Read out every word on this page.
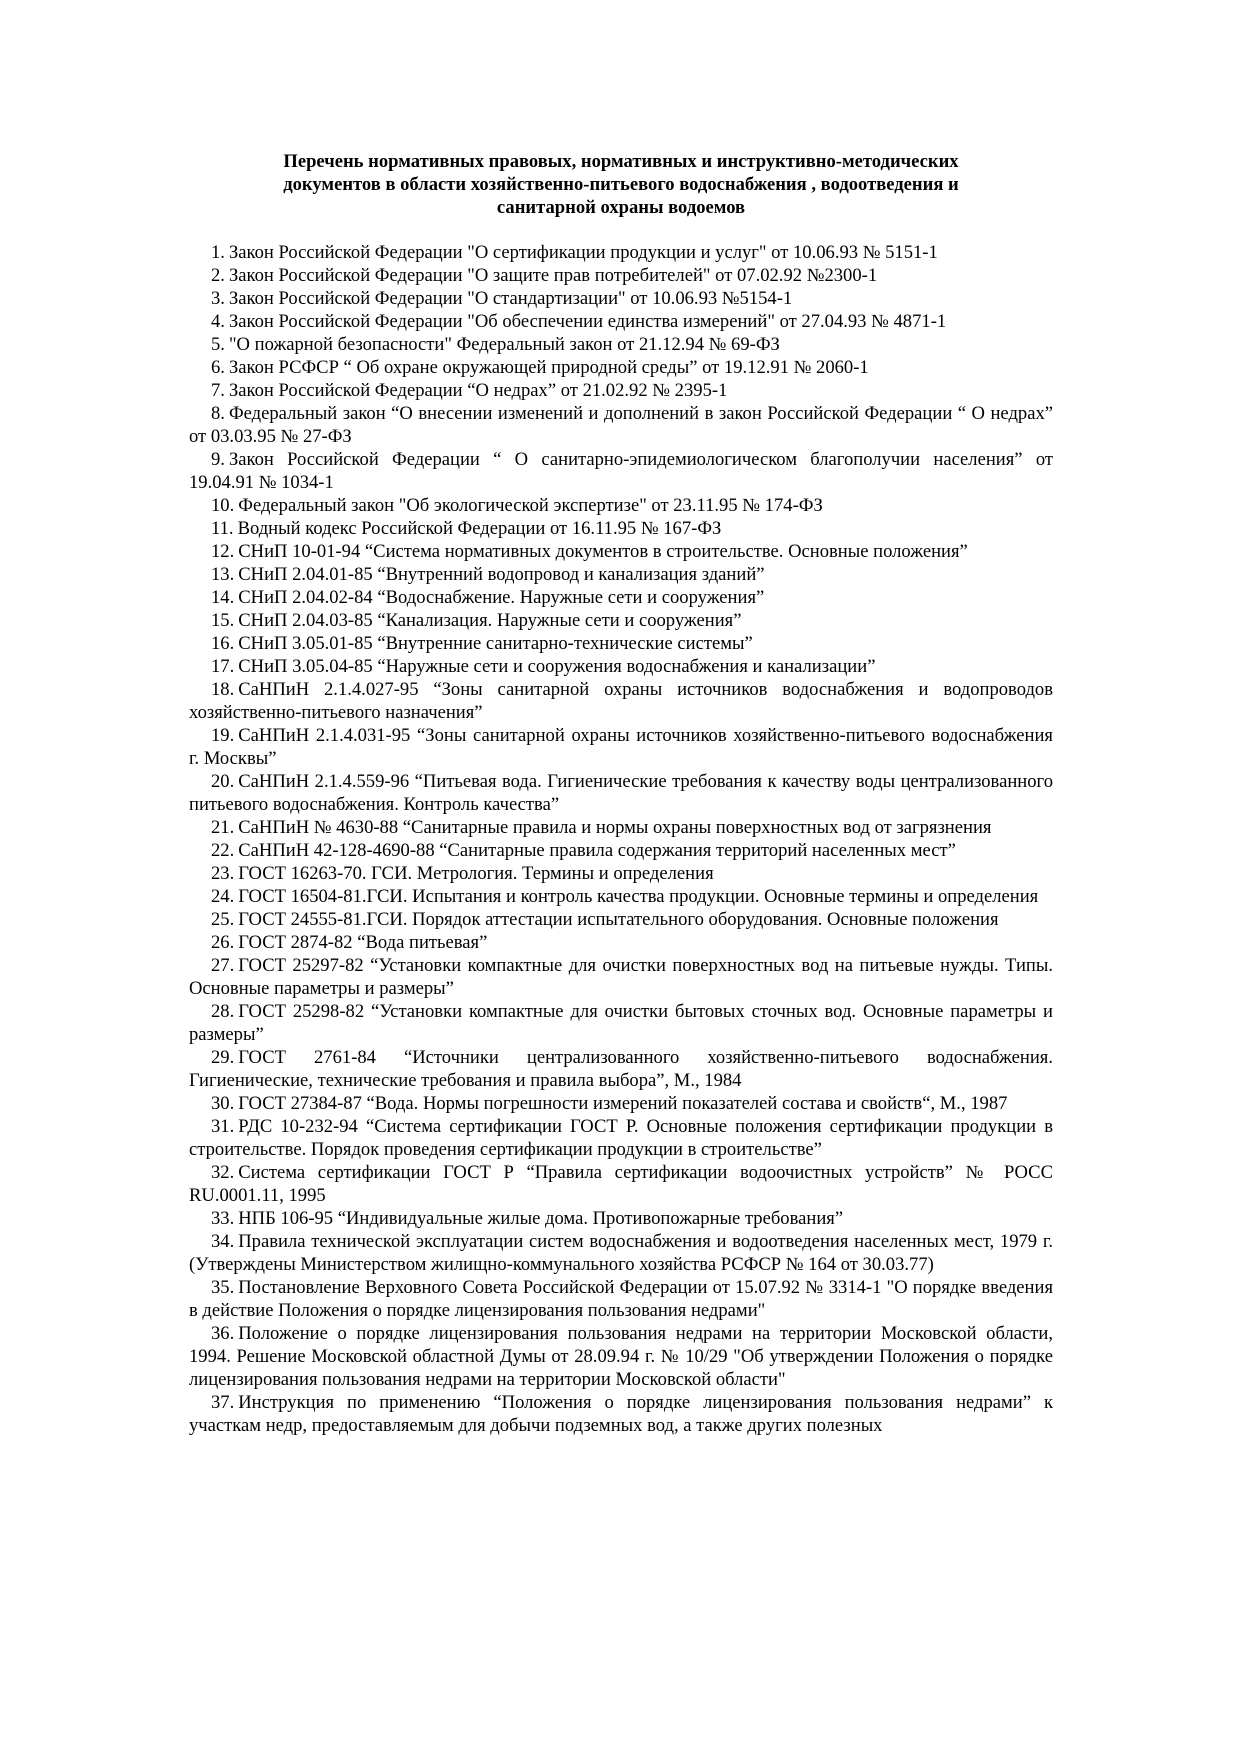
Перечень нормативных правовых, нормативных и инструктивно-методических документов в области хозяйственно-питьевого водоснабжения , водоотведения и санитарной охраны водоемов

1. Закон Российской Федерации "О сертификации продукции и услуг" от 10.06.93 № 5151-1

2. Закон Российской Федерации "О защите прав потребителей" от 07.02.92 №2300-1

3. Закон Российской Федерации "О стандартизации" от 10.06.93 №5154-1

4. Закон Российской Федерации "Об обеспечении единства измерений" от 27.04.93 № 4871-1

5. "О пожарной безопасности" Федеральный закон от 21.12.94 № 69-ФЗ

6. Закон РСФСР “ Об охране окружающей природной среды” от 19.12.91 № 2060-1

7. Закон Российской Федерации “О недрах” от 21.02.92 № 2395-1

8. Федеральный закон “О внесении изменений и дополнений в закон Российской Федерации “ О недрах” от 03.03.95 № 27-ФЗ

9. Закон Российской Федерации “ О санитарно-эпидемиологическом благополучии населения” от 19.04.91 № 1034-1

10. Федеральный закон "Об экологической экспертизе" от 23.11.95 № 174-ФЗ

11. Водный кодекс Российской Федерации от 16.11.95 № 167-ФЗ

12. СНиП 10-01-94 “Система нормативных документов в строительстве. Основные положения”

13. СНиП 2.04.01-85 “Внутренний водопровод и канализация зданий”

14. СНиП 2.04.02-84 “Водоснабжение. Наружные сети и сооружения”

15. СНиП 2.04.03-85 “Канализация. Наружные сети и сооружения”

16. СНиП 3.05.01-85 “Внутренние санитарно-технические системы”

17. СНиП 3.05.04-85 “Наружные сети и сооружения водоснабжения и канализации”

18. СаНПиН 2.1.4.027-95 “Зоны санитарной охраны источников водоснабжения и водопроводов хозяйственно-питьевого назначения”

19. СаНПиН 2.1.4.031-95 “Зоны санитарной охраны источников хозяйственно-питьевого водоснабжения г. Москвы”

20. СаНПиН 2.1.4.559-96 “Питьевая вода. Гигиенические требования к качеству воды централизованного питьевого водоснабжения. Контроль качества”

21. СаНПиН № 4630-88 “Санитарные правила и нормы охраны поверхностных вод от загрязнения

22. СаНПиН 42-128-4690-88 “Санитарные правила содержания территорий населенных мест”

23. ГОСТ 16263-70. ГСИ. Метрология. Термины и определения

24. ГОСТ 16504-81.ГСИ. Испытания и контроль качества продукции. Основные термины и определения

25. ГОСТ 24555-81.ГСИ. Порядок аттестации испытательного оборудования. Основные положения

26. ГОСТ 2874-82 “Вода питьевая”

27. ГОСТ 25297-82 “Установки компактные для очистки поверхностных вод на питьевые нужды. Типы. Основные параметры и размеры”

28. ГОСТ 25298-82 “Установки компактные для очистки бытовых сточных вод. Основные параметры и размеры”

29. ГОСТ 2761-84 “Источники централизованного хозяйственно-питьевого водоснабжения. Гигиенические, технические требования и правила выбора”, М., 1984

30. ГОСТ 27384-87 “Вода. Нормы погрешности измерений показателей состава и свойств“, М., 1987

31. РДС 10-232-94 “Система сертификации ГОСТ Р. Основные положения сертификации продукции в строительстве. Порядок проведения сертификации продукции в строительстве”

32. Система сертификации ГОСТ Р “Правила сертификации водоочистных устройств” № РОСС RU.0001.11, 1995

33. НПБ 106-95 “Индивидуальные жилые дома. Противопожарные требования”

34. Правила технической эксплуатации систем водоснабжения и водоотведения населенных мест, 1979 г. (Утверждены Министерством жилищно-коммунального хозяйства РСФСР № 164 от 30.03.77)

35. Постановление Верховного Совета Российской Федерации от 15.07.92 № 3314-1 "О порядке введения в действие Положения о порядке лицензирования пользования недрами"

36. Положение о порядке лицензирования пользования недрами на территории Московской области, 1994. Решение Московской областной Думы от 28.09.94 г. № 10/29 "Об утверждении Положения о порядке лицензирования пользования недрами на территории Московской области"

37. Инструкция по применению “Положения о порядке лицензирования пользования недрами” к участкам недр, предоставляемым для добычи подземных вод, а также других полезных
